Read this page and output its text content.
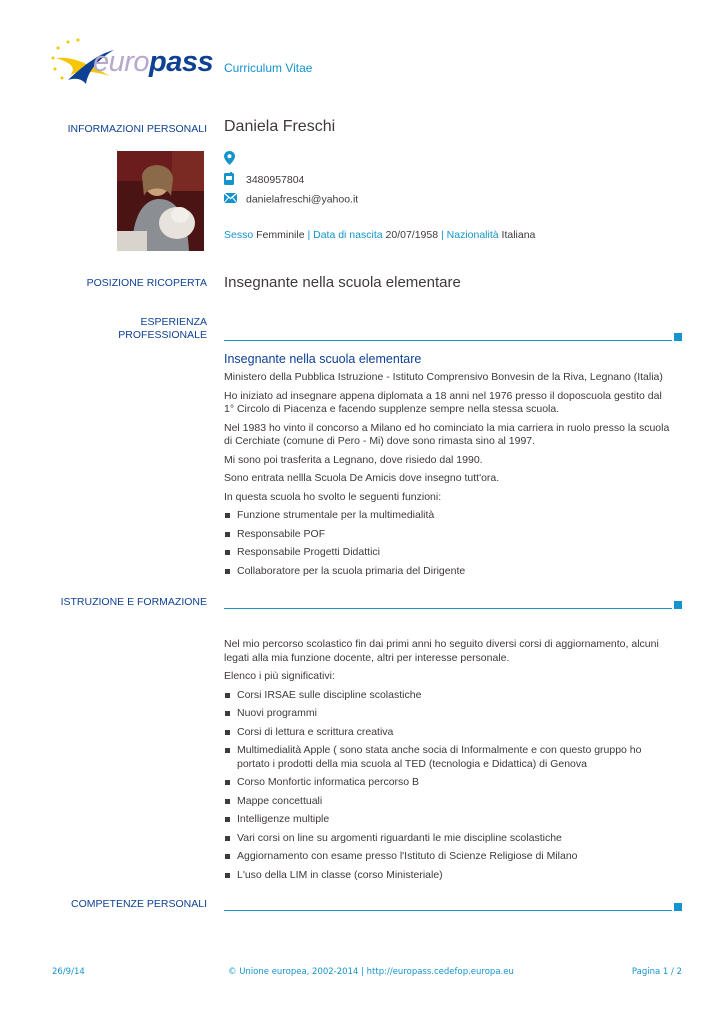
europass Curriculum Vitae
INFORMAZIONI PERSONALI Daniela Freschi
3480957804
danielafreschi@yahoo.it
Sesso Femminile | Data di nascita 20/07/1958 | Nazionalità Italiana
POSIZIONE RICOPERTA Insegnante nella scuola elementare
ESPERIENZA
PROFESSIONALE
Insegnante nella scuola elementare

Ministero della Pubblica Istruzione - Istituto Comprensivo Bonvesin de la Riva, Legnano (Italia)

Ho iniziato ad insegnare appena diplomata a 18 anni nel 1976 presso il doposcuola gestito dal 1° Circolo di Piacenza e facendo supplenze sempre nella stessa scuola.

Nel 1983 ho vinto il concorso a Milano ed ho cominciato la mia carriera in ruolo presso la scuola di Cerchiate (comune di Pero - Mi) dove sono rimasta sino al 1997.

Mi sono poi trasferita a Legnano, dove risiedo dal 1990.

Sono entrata nellla Scuola De Amicis dove insegno tutt'ora.

In questa scuola ho svolto le seguenti funzioni:

Funzione strumentale per la multimedialità
Responsabile POF
Responsabile Progetti Didattici
Collaboratore per la scuola primaria del Dirigente
ISTRUZIONE E FORMAZIONE

Nel mio percorso scolastico fin dai primi anni ho seguito diversi corsi di aggiornamento, alcuni legati alla mia funzione docente, altri per interesse personale.

Elenco i più significativi:

Corsi IRSAE sulle discipline scolastiche
Nuovi programmi
Corsi di lettura e scrittura creativa
Multimedialità Apple ( sono stata anche socia di Informalmente e con questo gruppo ho portato i prodotti della mia scuola al TED (tecnologia e Didattica) di Genova
Corso Monfortic informatica percorso B
Mappe concettuali
Intelligenze multiple
Vari corsi on line su argomenti riguardanti le mie discipline scolastiche
Aggiornamento con esame presso l'Istituto di Scienze Religiose di Milano
L'uso della LIM in classe (corso Ministeriale)
COMPETENZE PERSONALI
26/9/14	© Unione europea, 2002-2014 | http://europass.cedefop.europa.eu	Pagina 1 / 2
